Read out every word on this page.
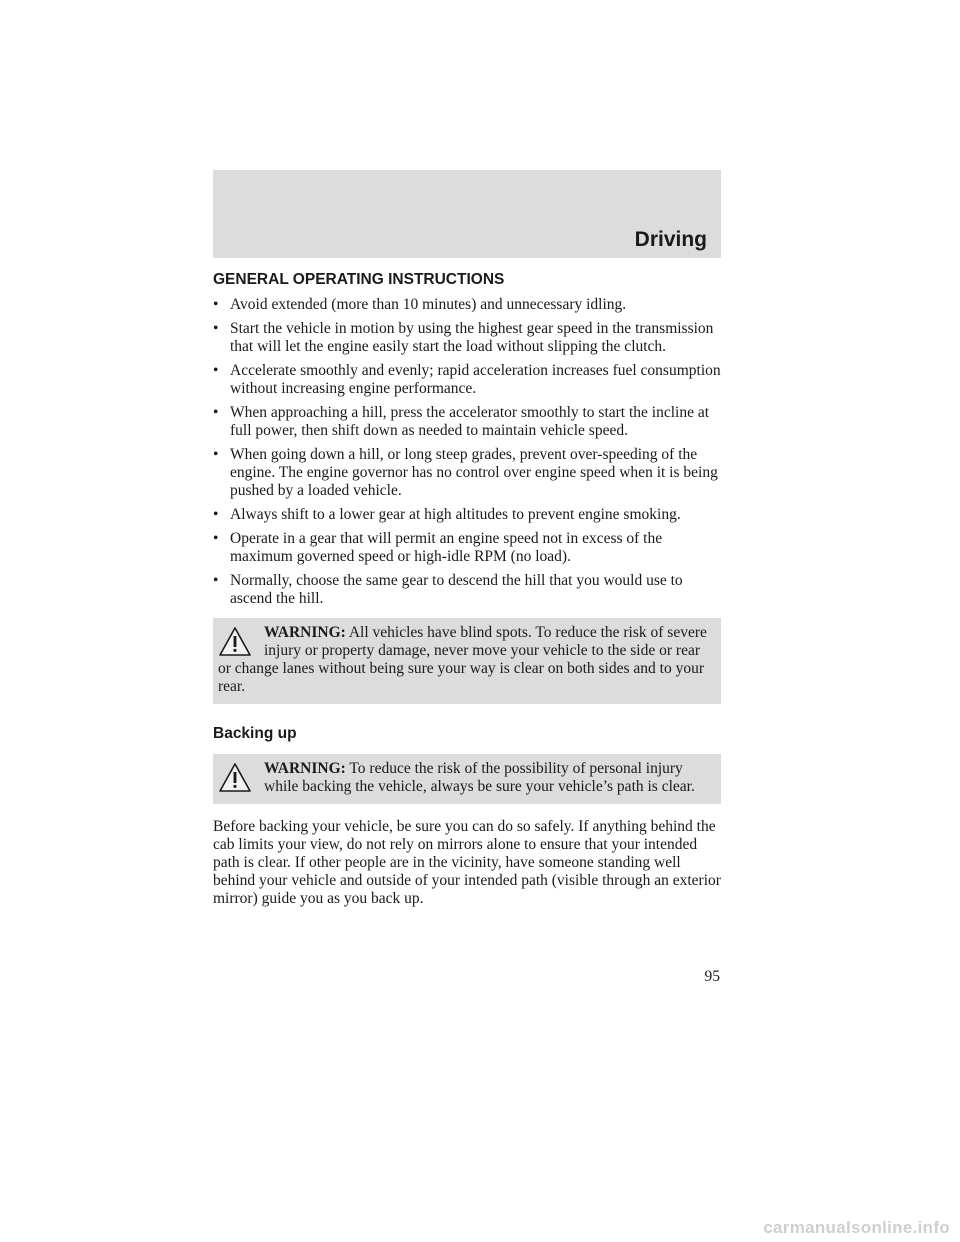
Driving
GENERAL OPERATING INSTRUCTIONS
• Avoid extended (more than 10 minutes) and unnecessary idling.
• Start the vehicle in motion by using the highest gear speed in the transmission that will let the engine easily start the load without slipping the clutch.
• Accelerate smoothly and evenly; rapid acceleration increases fuel consumption without increasing engine performance.
• When approaching a hill, press the accelerator smoothly to start the incline at full power, then shift down as needed to maintain vehicle speed.
• When going down a hill, or long steep grades, prevent over-speeding of the engine. The engine governor has no control over engine speed when it is being pushed by a loaded vehicle.
• Always shift to a lower gear at high altitudes to prevent engine smoking.
• Operate in a gear that will permit an engine speed not in excess of the maximum governed speed or high-idle RPM (no load).
• Normally, choose the same gear to descend the hill that you would use to ascend the hill.
WARNING: All vehicles have blind spots. To reduce the risk of severe injury or property damage, never move your vehicle to the side or rear or change lanes without being sure your way is clear on both sides and to your rear.
Backing up
WARNING: To reduce the risk of the possibility of personal injury while backing the vehicle, always be sure your vehicle’s path is clear.

Before backing your vehicle, be sure you can do so safely. If anything behind the cab limits your view, do not rely on mirrors alone to ensure that your intended path is clear. If other people are in the vicinity, have someone standing well behind your vehicle and outside of your intended path (visible through an exterior mirror) guide you as you back up.

95
carmanualsonline.info
